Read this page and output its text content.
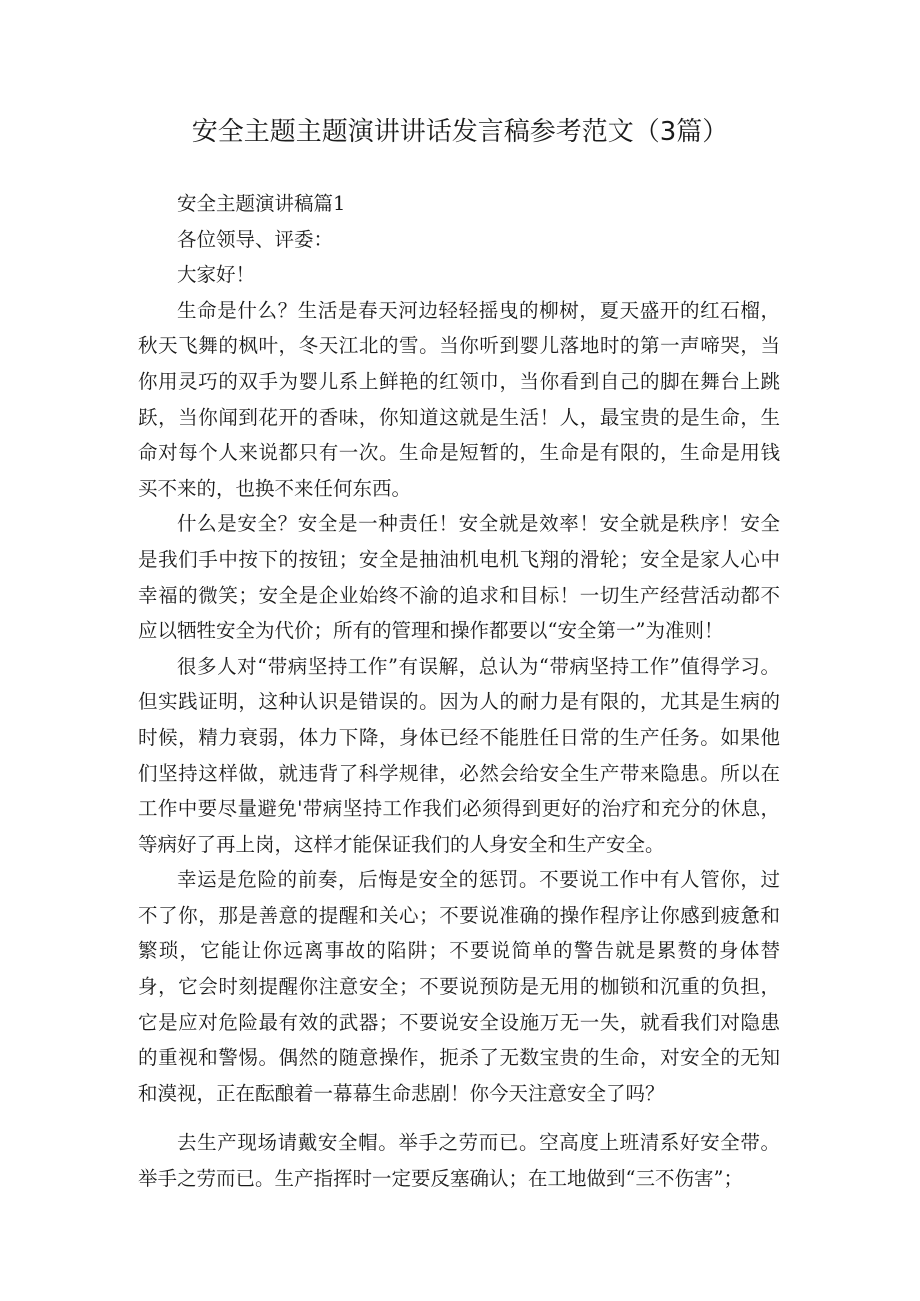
安全主题主题演讲讲话发言稿参考范文（3篇）

安全主题演讲稿篇1

各位领导、评委：

大家好！

生命是什么？生活是春天河边轻轻摇曳的柳树，夏天盛开的红石榴，秋天飞舞的枫叶，冬天江北的雪。当你听到婴儿落地时的第一声啼哭，当你用灵巧的双手为婴儿系上鲜艳的红领巾，当你看到自己的脚在舞台上跳跃，当你闻到花开的香味，你知道这就是生活！人，最宝贵的是生命，生命对每个人来说都只有一次。生命是短暂的，生命是有限的，生命是用钱买不来的，也换不来任何东西。

什么是安全？安全是一种责任！安全就是效率！安全就是秩序！安全是我们手中按下的按钮；安全是抽油机电机飞翔的滑轮；安全是家人心中幸福的微笑；安全是企业始终不渝的追求和目标！一切生产经营活动都不应以牺牲安全为代价；所有的管理和操作都要以“安全第一”为准则！

很多人对“带病坚持工作”有误解，总认为“带病坚持工作”值得学习。但实践证明，这种认识是错误的。因为人的耐力是有限的，尤其是生病的时候，精力衰弱，体力下降，身体已经不能胜任日常的生产任务。如果他们坚持这样做，就违背了科学规律，必然会给安全生产带来隐患。所以在工作中要尽量避免'带病坚持工作我们必须得到更好的治疗和充分的休息，等病好了再上岗，这样才能保证我们的人身安全和生产安全。

幸运是危险的前奏，后悔是安全的惩罚。不要说工作中有人管你，过不了你，那是善意的提醒和关心；不要说准确的操作程序让你感到疲惫和繁琐，它能让你远离事故的陷阱；不要说简单的警告就是累赘的身体替身，它会时刻提醒你注意安全；不要说预防是无用的枷锁和沉重的负担，它是应对危险最有效的武器；不要说安全设施万无一失，就看我们对隐患的重视和警惕。偶然的随意操作，扼杀了无数宝贵的生命，对安全的无知和漠视，正在酝酿着一幕幕生命悲剧！你今天注意安全了吗？

去生产现场请戴安全帽。举手之劳而已。空高度上班清系好安全带。举手之劳而已。生产指挥时一定要反塞确认；在工地做到“三不伤害”；
